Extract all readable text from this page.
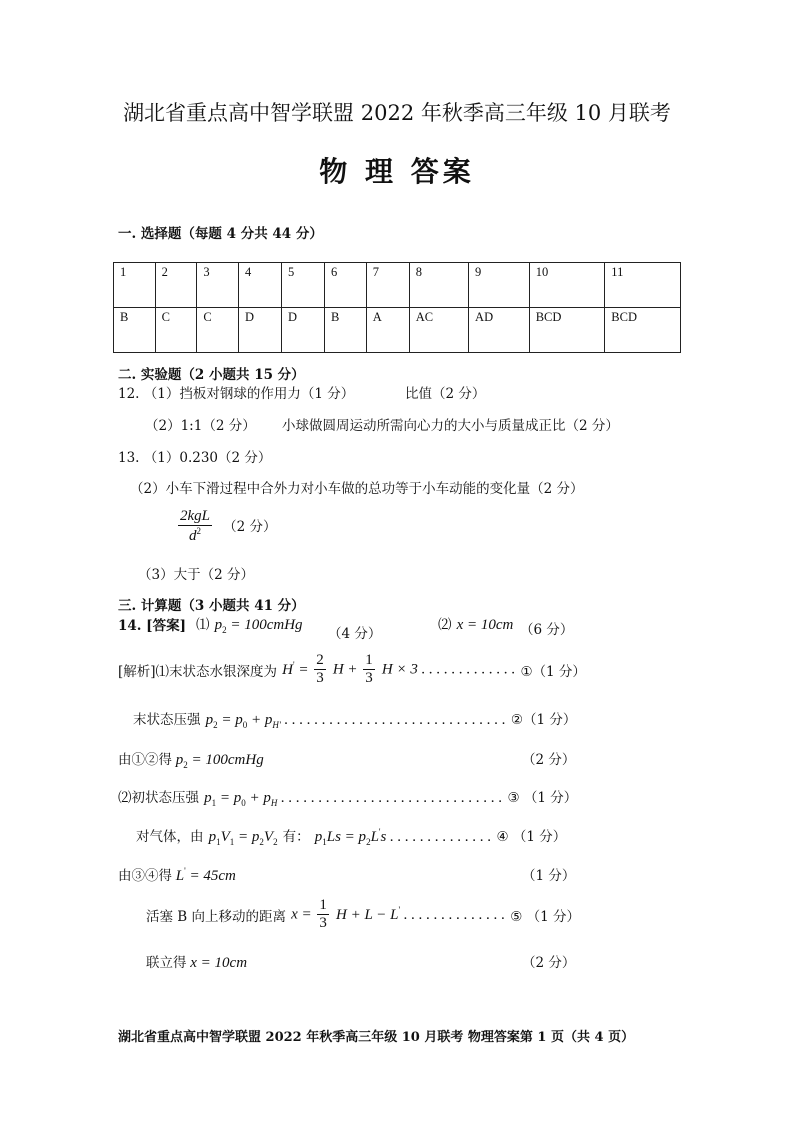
湖北省重点高中智学联盟 2022 年秋季高三年级 10 月联考
物 理 答案
一. 选择题（每题 4 分共 44 分）
1	2	3	4	5	6	7	8	9	10	11
B	C	C	D	D	B	A	AC	AD	BCD	BCD
二. 实验题（2 小题共 15 分）
12. （1）挡板对钢球的作用力（1 分）	比值（2 分）
（2）1:1（2 分） 小球做圆周运动所需向心力的大小与质量成正比（2 分）
13. （1）0.230（2 分）
（2）小车下滑过程中合外力对小车做的总功等于小车动能的变化量（2 分）
$\frac{\text{2kgL}}{d^2} (2$ 分）
（3）大于（2 分）
三. 计算题（3 小题共 41 分）
14. [答案] ⑴ $p_2$ = 100cmHg
（4 分）
⑵ x = 10cm （6 分）
[解析]⑴末状态水银深度为 $H' = \frac{2}{3}$ $H + \frac{1}{3}$ H × 3 . . . . . . . . . . . . . ①（1 分）
末状态压强 $p_2 = p_0 + p_{H'}$ . . . . . . . . . . . . . . . . . . . . . . . . . . . . . . ②（1 分）
由①②得 $p_2$ = 100cmHg	（2 分）
⑵初状态压强 $p_1 = p_0 + p_H$ . . . . . . . . . . . . . . . . . . . . . . . . . . . . . . ③ （1 分）
对气体，由 $p_1V_1 = p_2V_2$ 有： $p_1Ls = p_2L's$ . . . . . . . . . . . . . . ④ （1 分）
由③④得 L' = 45cm	（1 分）
活塞 B 向上移动的距离 $x = \frac{1}{3}$ H + L − L' . . . . . . . . . . . . . . ⑤ （1 分）
联立得 x = 10cm	（2 分）
湖北省重点高中智学联盟 2022 年秋季高三年级 10 月联考 物理答案第 1 页（共 4 页）
